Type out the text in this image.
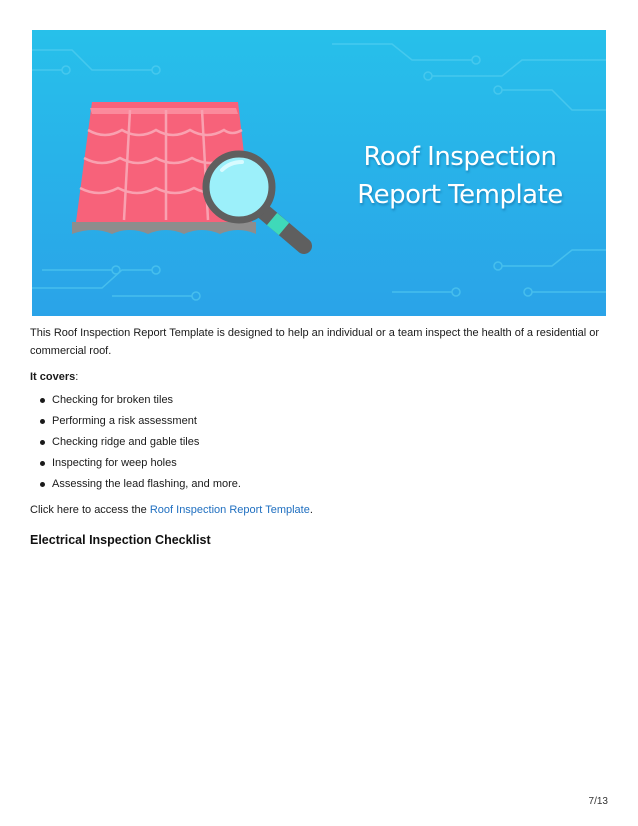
Roof Inspection
Report Template

This Roof Inspection Report Template is designed to help an individual or a team inspect the health of a residential or commercial roof.

It covers:

Checking for broken tiles
Performing a risk assessment
Checking ridge and gable tiles
Inspecting for weep holes
Assessing the lead flashing, and more.

Click here to access the Roof Inspection Report Template.

Electrical Inspection Checklist
7/13
